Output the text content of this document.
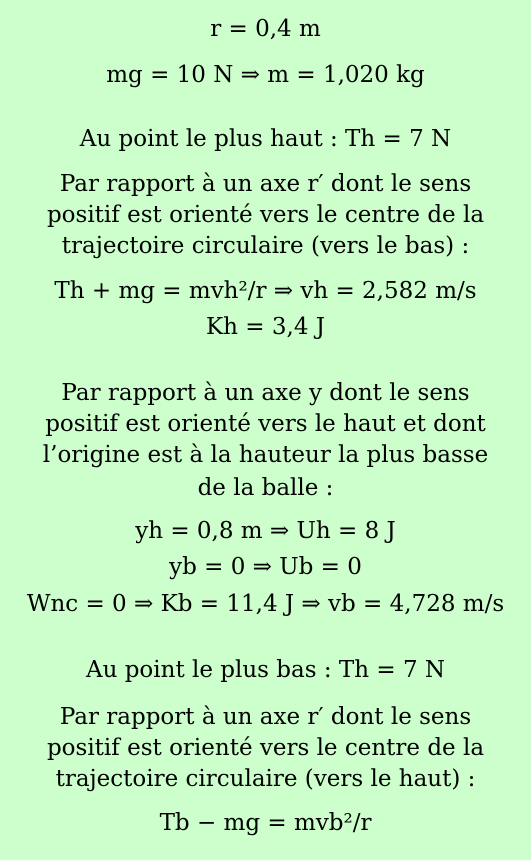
r = 0,4 m
mg = 10 N ⇒ m = 1,020 kg
Au point le plus haut : Th = 7 N
Par rapport à un axe r′ dont le sens
positif est orienté vers le centre de la
trajectoire circulaire (vers le bas) :
Th + mg = mvh²/r ⇒ vh = 2,582 m/s
Kh = 3,4 J
Par rapport à un axe y dont le sens
positif est orienté vers le haut et dont
l’origine est à la hauteur la plus basse
de la balle :
yh = 0,8 m ⇒ Uh = 8 J
yb = 0 ⇒ Ub = 0
Wnc = 0 ⇒ Kb = 11,4 J ⇒ vb = 4,728 m/s
Au point le plus bas : Th = 7 N
Par rapport à un axe r′ dont le sens
positif est orienté vers le centre de la
trajectoire circulaire (vers le haut) :
Tb − mg = mvb²/r
